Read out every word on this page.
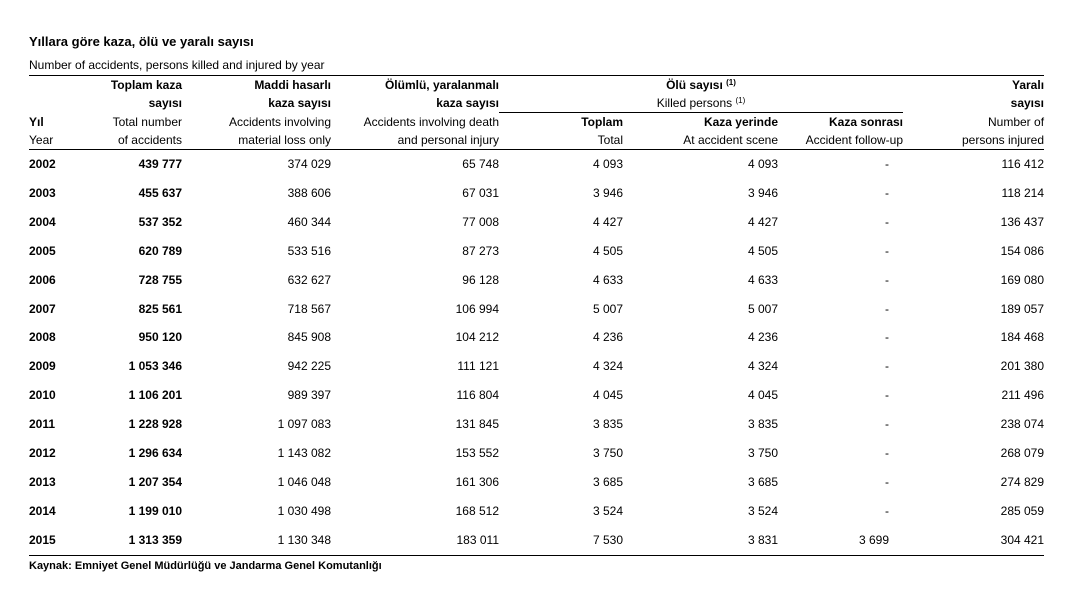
Yıllara göre kaza, ölü ve yaralı sayısı
Number of accidents, persons killed and injured by year
	Toplam kaza	Maddi hasarlı	Ölümlü, yaralanmalı	Ölü sayısı $^{(1)}$			Yaralı
	sayısı	kaza sayısı	kaza sayısı	Killed persons $^{(1)}$			sayısı
Yıl	Total number	Accidents involving	Accidents involving death	Toplam	Kaza yerinde	Kaza sonrası	Number of
Year	of accidents	material loss only	and personal injury	Total	At accident scene	Accident follow-up	persons injured
2002	439 777	374 029	65 748	4 093	4 093	-	116 412
2003	455 637	388 606	67 031	3 946	3 946	-	118 214
2004	537 352	460 344	77 008	4 427	4 427	-	136 437
2005	620 789	533 516	87 273	4 505	4 505	-	154 086
2006	728 755	632 627	96 128	4 633	4 633	-	169 080
2007	825 561	718 567	106 994	5 007	5 007	-	189 057
2008	950 120	845 908	104 212	4 236	4 236	-	184 468
2009	1 053 346	942 225	111 121	4 324	4 324	-	201 380
2010	1 106 201	989 397	116 804	4 045	4 045	-	211 496
2011	1 228 928	1 097 083	131 845	3 835	3 835	-	238 074
2012	1 296 634	1 143 082	153 552	3 750	3 750	-	268 079
2013	1 207 354	1 046 048	161 306	3 685	3 685	-	274 829
2014	1 199 010	1 030 498	168 512	3 524	3 524	-	285 059
2015	1 313 359	1 130 348	183 011	7 530	3 831	3 699	304 421
Kaynak: Emniyet Genel Müdürlüğü ve Jandarma Genel Komutanlığı
